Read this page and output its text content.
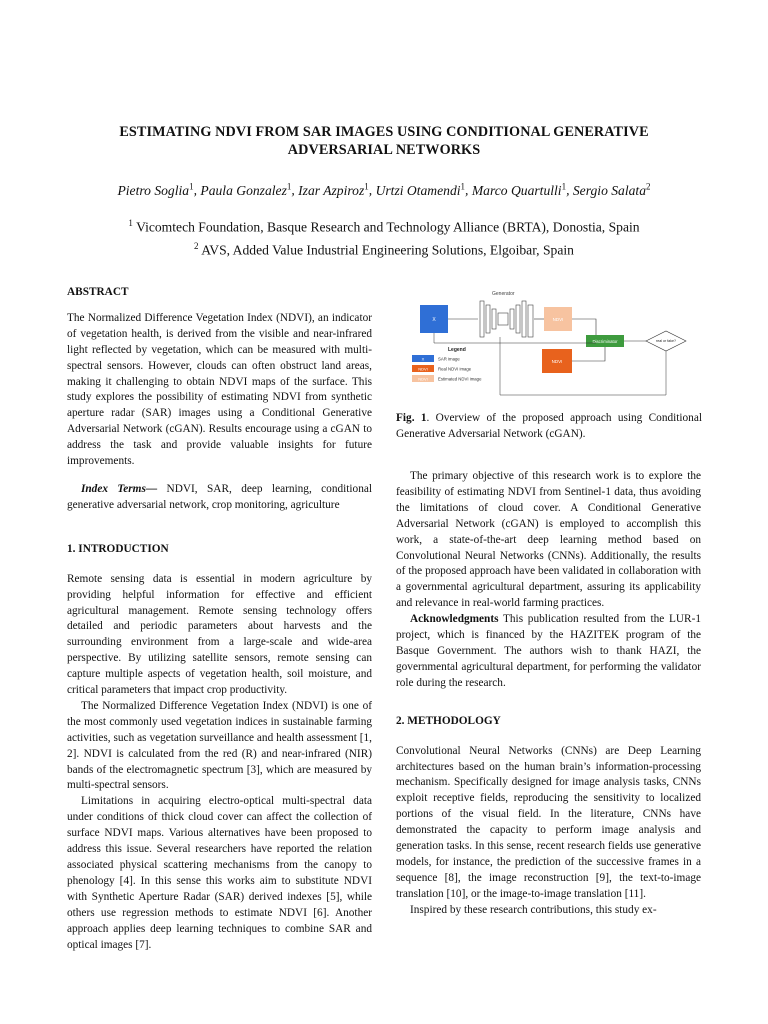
ESTIMATING NDVI FROM SAR IMAGES USING CONDITIONAL GENERATIVE
ADVERSARIAL NETWORKS
Pietro Soglia$^1$, Paula Gonzalez$^1$, Izar Azpiroz$^1$, Urtzi Otamendi$^1$, Marco Quartulli$^1$, Sergio Salata$^2$
$^1$ Vicomtech Foundation, Basque Research and Technology Alliance (BRTA), Donostia, Spain
$^2$ AVS, Added Value Industrial Engineering Solutions, Elgoibar, Spain

ABSTRACT

The Normalized Difference Vegetation Index (NDVI), an indicator of vegetation health, is derived from the visible and near-infrared light reflected by vegetation, which can be measured with multi-spectral sensors. However, clouds can often obstruct land areas, making it challenging to obtain NDVI maps of the surface. This study explores the possibility of estimating NDVI from synthetic aperture radar (SAR) images using a Conditional Generative Adversarial Network (cGAN). Results encourage using a cGAN to address the task and provide valuable insights for future improvements.

Index Terms— NDVI, SAR, deep learning, conditional generative adversarial network, crop monitoring, agriculture

1. INTRODUCTION

Remote sensing data is essential in modern agriculture by providing helpful information for effective and efficient agricultural management. Remote sensing technology offers detailed and periodic parameters about harvests and the surrounding environment from a large-scale and wide-area perspective. By utilizing satellite sensors, remote sensing can capture multiple aspects of vegetation health, soil moisture, and critical parameters that impact crop productivity.

The Normalized Difference Vegetation Index (NDVI) is one of the most commonly used vegetation indices in sustainable farming activities, such as vegetation surveillance and health assessment [1, 2]. NDVI is calculated from the red (R) and near-infrared (NIR) bands of the electromagnetic spectrum [3], which are measured by multi-spectral sensors.

Limitations in acquiring electro-optical multi-spectral data under conditions of thick cloud cover can affect the collection of surface NDVI maps. Various alternatives have been proposed to address this issue. Several researchers have reported the relation associated physical scattering mechanisms from the canopy to phenology [4]. In this sense this works aim to substitute NDVI with Synthetic Aperture Radar (SAR) derived indexes [5], while others use regression methods to estimate NDVI [6]. Another approach applies deep learning techniques to combine SAR and optical images [7].

Generator
X	NDVI
Discriminator	real or fake?
NDVI
Legend
X	SAR image
NDVI Real NDVI image
NDVI Estimated NDVI image
Fig. 1. Overview of the proposed approach using Conditional Generative Adversarial Network (cGAN).

The primary objective of this research work is to explore the feasibility of estimating NDVI from Sentinel-1 data, thus avoiding the limitations of cloud cover. A Conditional Generative Adversarial Network (cGAN) is employed to accomplish this work, a state-of-the-art deep learning method based on Convolutional Neural Networks (CNNs). Additionally, the results of the proposed approach have been validated in collaboration with a governmental agricultural department, assuring its applicability and relevance in real-world farming practices.

Acknowledgments This publication resulted from the LUR-1 project, which is financed by the HAZITEK program of the Basque Government. The authors wish to thank HAZI, the governmental agricultural department, for performing the validator role during the research.

2. METHODOLOGY

Convolutional Neural Networks (CNNs) are Deep Learning architectures based on the human brain’s information-processing mechanism. Specifically designed for image analysis tasks, CNNs exploit receptive fields, reproducing the sensitivity to localized portions of the visual field. In the literature, CNNs have demonstrated the capacity to perform image analysis and generation tasks. In this sense, recent research fields use generative models, for instance, the prediction of the successive frames in a sequence [8], the image reconstruction [9], the text-to-image translation [10], or the image-to-image translation [11].

Inspired by these research contributions, this study ex-
